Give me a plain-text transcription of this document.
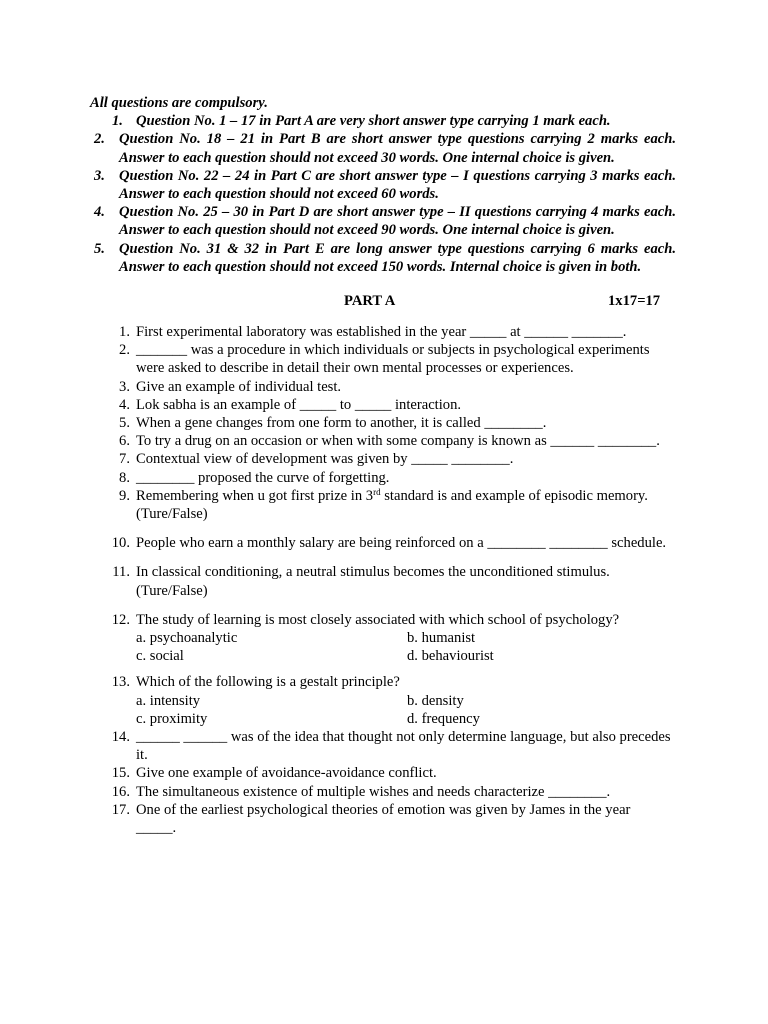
All questions are compulsory.
1. Question No. 1 – 17 in Part A are very short answer type carrying 1 mark each.
2. Question No. 18 – 21 in Part B are short answer type questions carrying 2 marks each. Answer to each question should not exceed 30 words. One internal choice is given.
3. Question No. 22 – 24 in Part C are short answer type – I questions carrying 3 marks each. Answer to each question should not exceed 60 words.
4. Question No. 25 – 30 in Part D are short answer type – II questions carrying 4 marks each. Answer to each question should not exceed 90 words. One internal choice is given.
5. Question No. 31 & 32 in Part E are long answer type questions carrying 6 marks each. Answer to each question should not exceed 150 words. Internal choice is given in both.
PART A	1x17=17
1. First experimental laboratory was established in the year _____ at ______ _______.
2. _______ was a procedure in which individuals or subjects in psychological experiments were asked to describe in detail their own mental processes or experiences.
3. Give an example of individual test.
4. Lok sabha is an example of _____ to _____ interaction.
5. When a gene changes from one form to another, it is called ________.
6. To try a drug on an occasion or when with some company is known as ______ ________.
7. Contextual view of development was given by _____ ________.
8. ________ proposed the curve of forgetting.
9. Remembering when u got first prize in 3rd standard is and example of episodic memory.
(Ture/False)
10. People who earn a monthly salary are being reinforced on a ________ ________ schedule.
11. In classical conditioning, a neutral stimulus becomes the unconditioned stimulus.
(Ture/False)
12. The study of learning is most closely associated with which school of psychology?
a. psychoanalytic	b. humanist
c. social	d. behaviourist
13. Which of the following is a gestalt principle?
a. intensity	b. density
c. proximity	d. frequency
14. ______ ______ was of the idea that thought not only determine language, but also precedes it.
15. Give one example of avoidance-avoidance conflict.
16. The simultaneous existence of multiple wishes and needs characterize ________.
17. One of the earliest psychological theories of emotion was given by James in the year _____.
